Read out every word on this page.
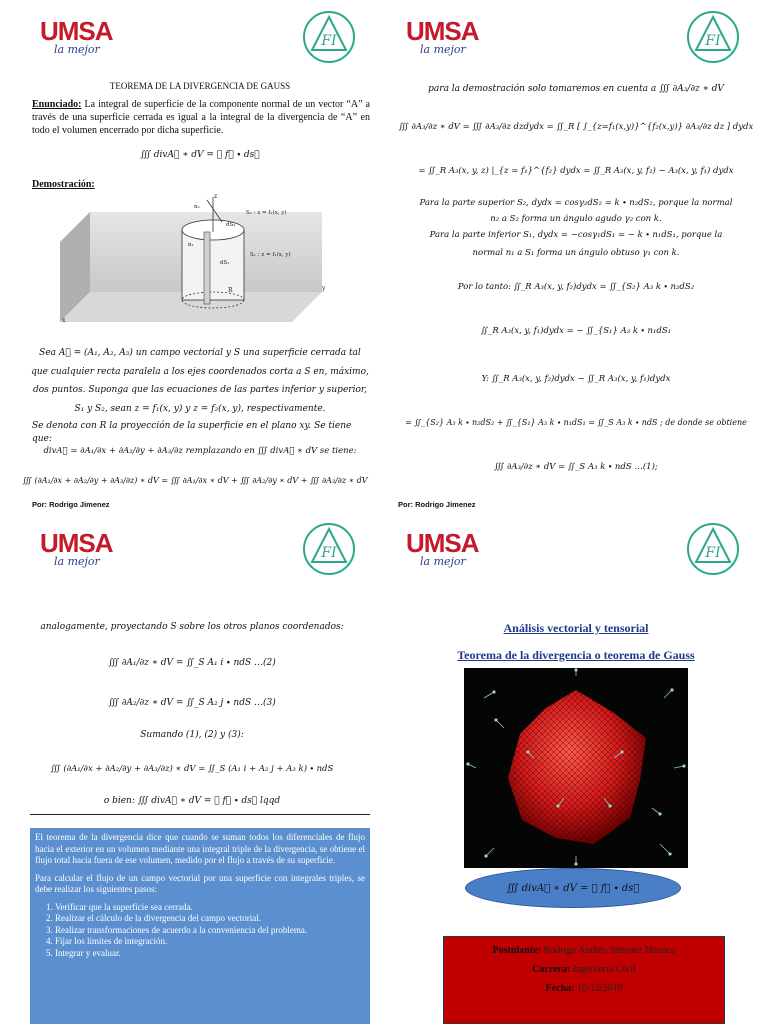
UMSA
la mejor
FI
TEOREMA DE LA DIVERGENCIA DE GAUSS
Enunciado: La integral de superficie de la componente normal de un vector “A” a través de una superficie cerrada es igual a la integral de la divergencia de “A” en todo el volumen encerrado por dicha superficie.
∭ divA⃗ ∗ dV = ∯ f⃗ ∙ ds⃗
Demostración:
z
S₂ : z = f₂(x, y)
S₁ : z = f₁(x, y)
R
dS₁
n₂
n₁
dS₂
y
x
Sea A⃗ = (A₁, A₂, A₃) un campo vectorial y S una superficie cerrada tal que cualquier recta paralela a los ejes coordenados corta a S en, máximo, dos puntos. Suponga que las ecuaciones de las partes inferior y superior, S₁ y S₂, sean z = f₁(x, y) y z = f₂(x, y), respectivamente.
Se denota con R la proyección de la superficie en el plano xy. Se tiene que:
divA⃗ = ∂A₁/∂x + ∂A₂/∂y + ∂A₃/∂z remplazando en ∭ divA⃗ ∗ dV se tiene:
∭ (∂A₁/∂x + ∂A₂/∂y + ∂A₃/∂z) ∗ dV = ∭ ∂A₁/∂x ∗ dV + ∭ ∂A₂/∂y ∗ dV + ∭ ∂A₃/∂z ∗ dV
Por: Rodrigo Jimenez
UMSA
la mejor
FI
para la demostración solo tomaremos en cuenta a ∭ ∂A₃/∂z ∗ dV
∭ ∂A₃/∂z ∗ dV = ∭ ∂A₃/∂z dzdydx = ∬_R [ ∫_{z=f₁(x,y)}^{f₂(x,y)} ∂A₃/∂z dz ] dydx
= ∬_R A₃(x, y, z) |_{z = f₁}^{f₂} dydx = ∬_R A₃(x, y, f₂) − A₃(x, y, f₁) dydx
Para la parte superior S₂, dydx = cosγ₂dS₂ = k ∙ n₂dS₂, porque la normal
n₂ a S₂ forma un ángulo agudo γ₂ con k.
Para la parte inferior S₁, dydx = −cosγ₁dS₁ = − k ∙ n₁dS₁, porque la
normal n₁ a S₁ forma un ángulo obtuso γ₁ con k.
Por lo tanto: ∬_R A₃(x, y, f₂)dydx = ∬_{S₂} A₃ k ∙ n₂dS₂
∬_R A₃(x, y, f₁)dydx = − ∬_{S₁} A₃ k ∙ n₁dS₁
Y: ∬_R A₃(x, y, f₂)dydx − ∬_R A₃(x, y, f₁)dydx
= ∬_{S₂} A₃ k ∙ n₂dS₂ + ∬_{S₁} A₃ k ∙ n₁dS₁ = ∬_S A₃ k ∙ ndS ; de donde se obtiene
∭ ∂A₃/∂z ∗ dV = ∬_S A₃ k ∙ ndS …(1);
Por: Rodrigo Jimenez
UMSA
la mejor
FI
analogamente, proyectando S sobre los otros planos coordenados:
∭ ∂A₁/∂z ∗ dV = ∬_S A₁ i ∙ ndS …(2)
∭ ∂A₂/∂z ∗ dV = ∬_S A₂ j ∙ ndS …(3)
Sumando (1), (2) y (3):
∭ (∂A₁/∂x + ∂A₂/∂y + ∂A₃/∂z) ∗ dV = ∬_S (A₁ i + A₂ j + A₃ k) ∙ ndS
o bien: ∭ divA⃗ ∗ dV = ∯ f⃗ ∙ ds⃗ lqqd

El teorema de la divergencia dice que cuando se suman todos los diferenciales de flujo hacia el exterior en un volumen mediante una integral triple de la divergencia, se obtiene el flujo total hacia fuera de ese volumen, medido por el flujo a través de su superficie.

Para calcular el flujo de un campo vectorial por una superficie con integrales triples, se debe realizar los siguientes pasos:

1. Verificar que la superficie sea cerrada.
2. Realizar el cálculo de la divergencia del campo vectorial.
3. Realizar transformaciones de acuerdo a la conveniencia del problema.
4. Fijar los límites de integración.
5. Integrar y evaluar.
UMSA
la mejor
FI
Análisis vectorial y tensorial
Teorema de la divergencia o teorema de Gauss
∭ divA⃗ ∗ dV = ∯ f⃗ ∙ ds⃗
Postulante: Rodrigo Andrés Jimenez Huanca
Carrera: Ingeniería Civil
Fecha: 10/12/2019
